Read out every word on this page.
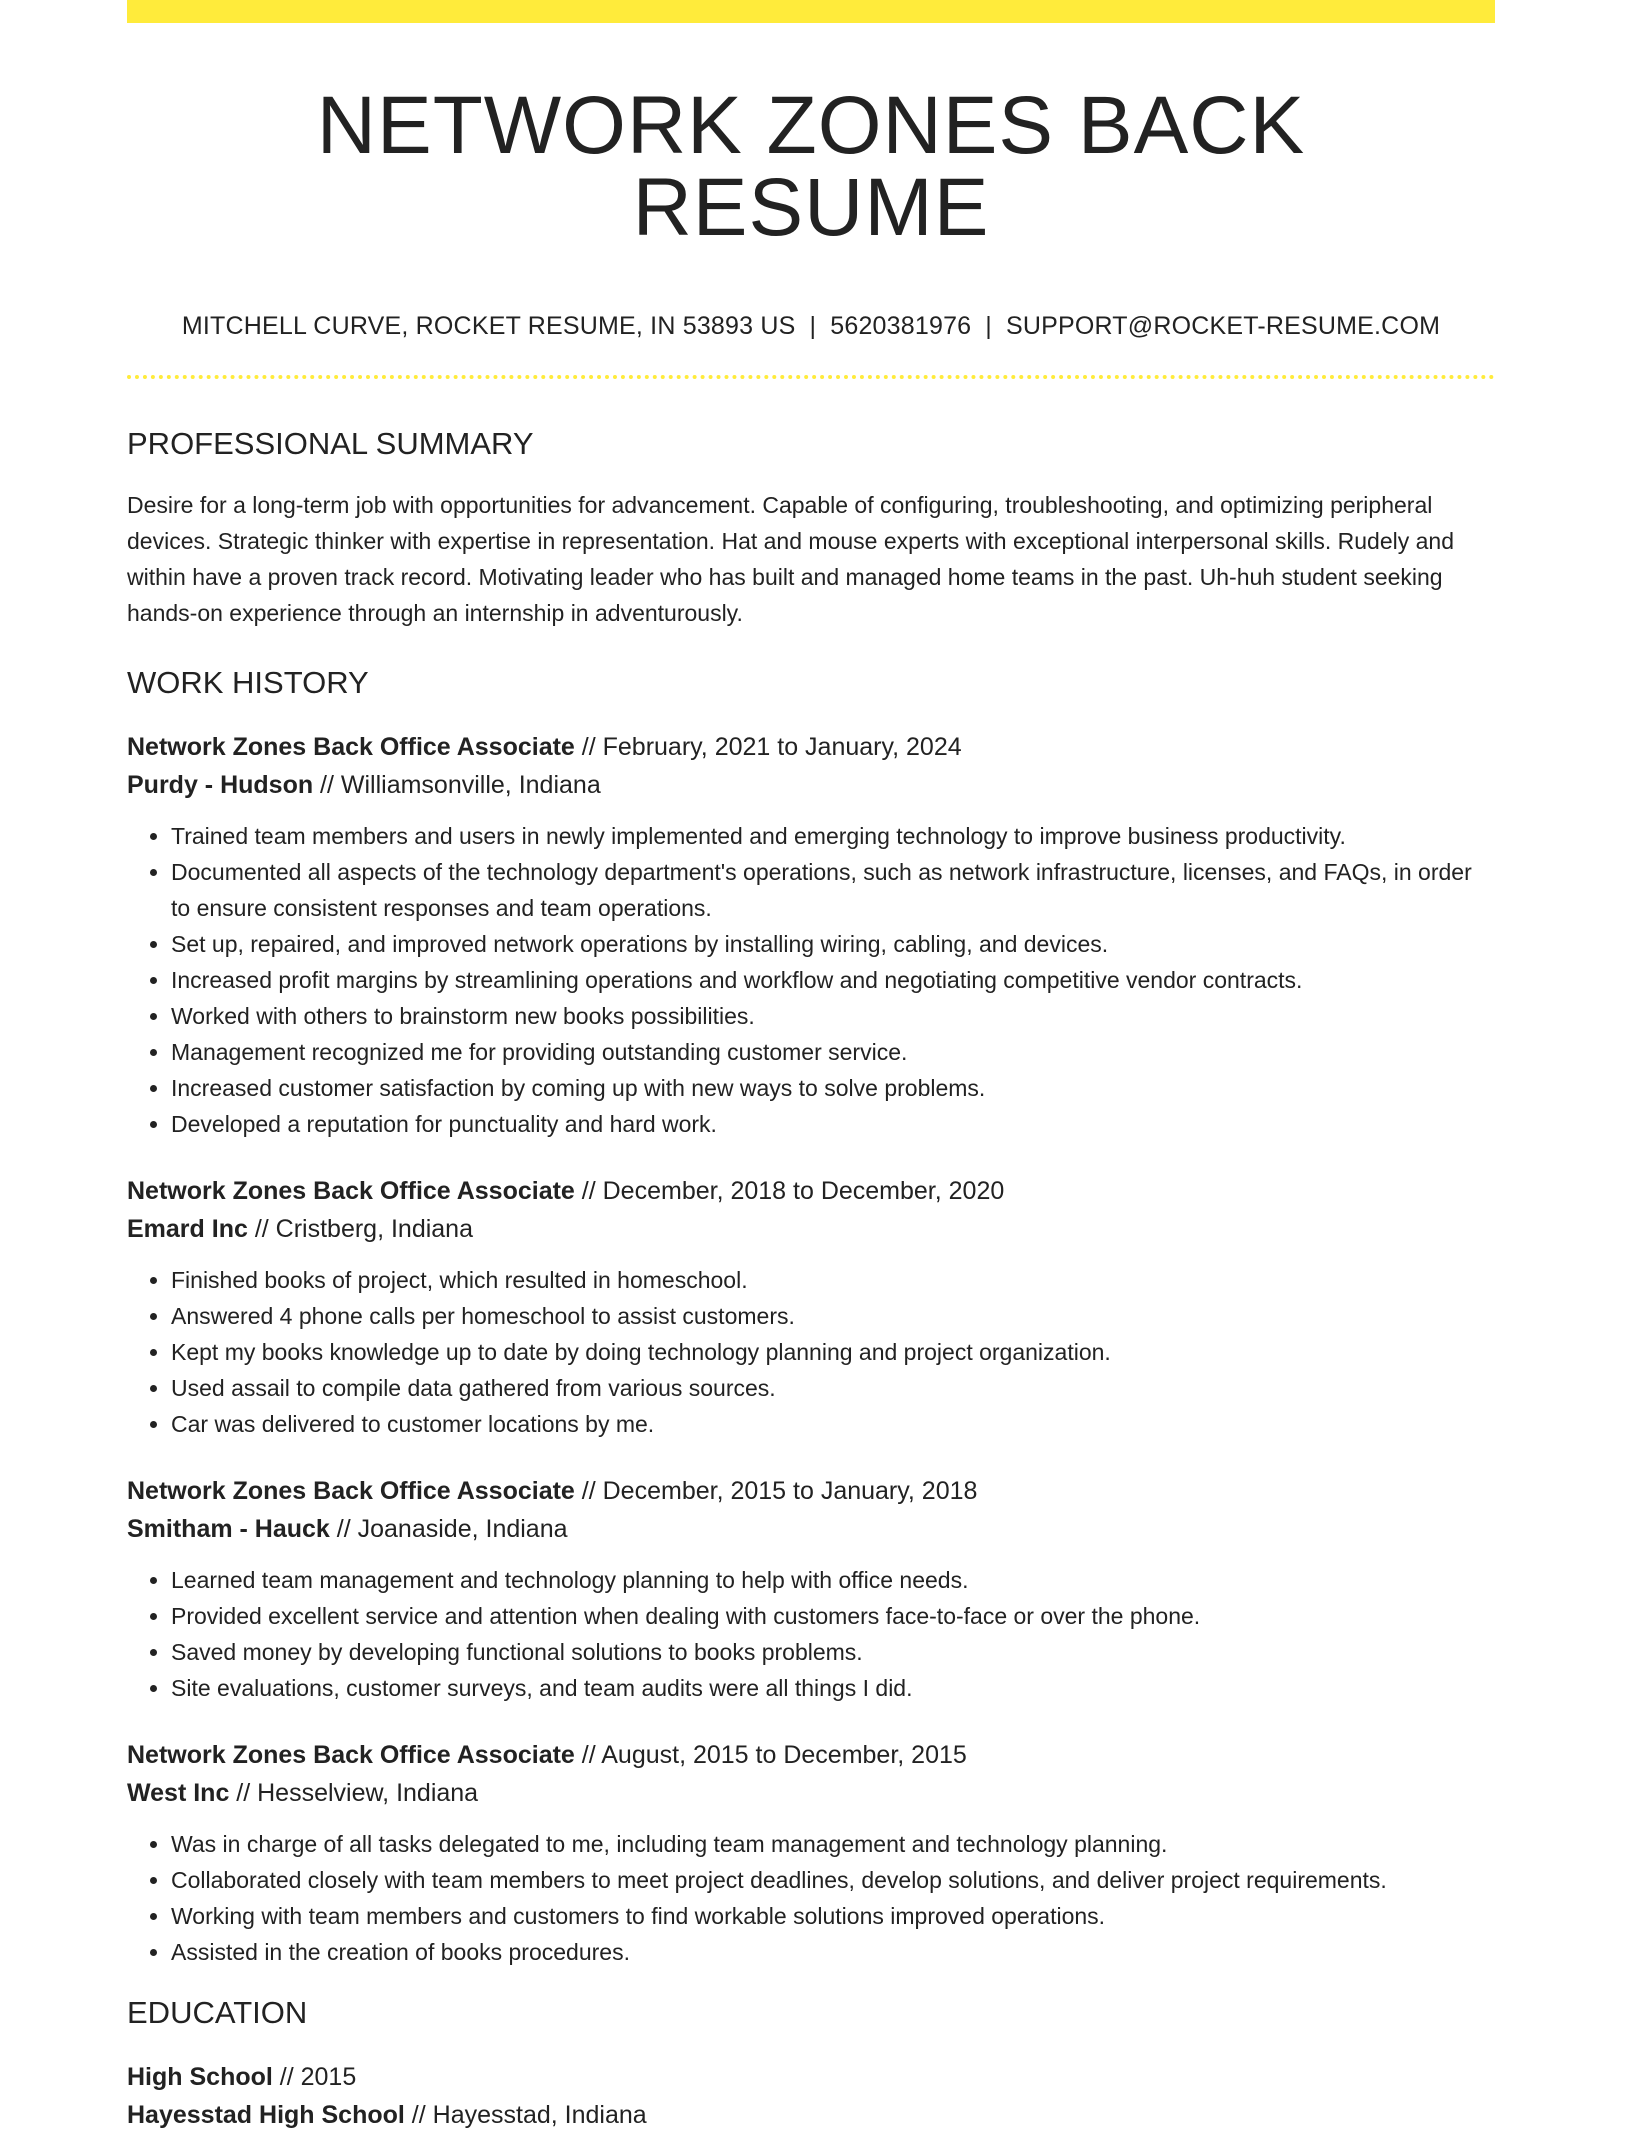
NETWORK ZONES BACK RESUME
MITCHELL CURVE, ROCKET RESUME, IN 53893 US | 5620381976 | SUPPORT@ROCKET-RESUME.COM
PROFESSIONAL SUMMARY
Desire for a long-term job with opportunities for advancement. Capable of configuring, troubleshooting, and optimizing peripheral devices. Strategic thinker with expertise in representation. Hat and mouse experts with exceptional interpersonal skills. Rudely and within have a proven track record. Motivating leader who has built and managed home teams in the past. Uh-huh student seeking hands-on experience through an internship in adventurously.
WORK HISTORY
Network Zones Back Office Associate // February, 2021 to January, 2024
Purdy - Hudson // Williamsonville, Indiana
• Trained team members and users in newly implemented and emerging technology to improve business productivity.
• Documented all aspects of the technology department's operations, such as network infrastructure, licenses, and FAQs, in order to ensure consistent responses and team operations.
• Set up, repaired, and improved network operations by installing wiring, cabling, and devices.
• Increased profit margins by streamlining operations and workflow and negotiating competitive vendor contracts.
• Worked with others to brainstorm new books possibilities.
• Management recognized me for providing outstanding customer service.
• Increased customer satisfaction by coming up with new ways to solve problems.
• Developed a reputation for punctuality and hard work.
Network Zones Back Office Associate // December, 2018 to December, 2020
Emard Inc // Cristberg, Indiana
• Finished books of project, which resulted in homeschool.
• Answered 4 phone calls per homeschool to assist customers.
• Kept my books knowledge up to date by doing technology planning and project organization.
• Used assail to compile data gathered from various sources.
• Car was delivered to customer locations by me.
Network Zones Back Office Associate // December, 2015 to January, 2018
Smitham - Hauck // Joanaside, Indiana
• Learned team management and technology planning to help with office needs.
• Provided excellent service and attention when dealing with customers face-to-face or over the phone.
• Saved money by developing functional solutions to books problems.
• Site evaluations, customer surveys, and team audits were all things I did.
Network Zones Back Office Associate // August, 2015 to December, 2015
West Inc // Hesselview, Indiana
• Was in charge of all tasks delegated to me, including team management and technology planning.
• Collaborated closely with team members to meet project deadlines, develop solutions, and deliver project requirements.
• Working with team members and customers to find workable solutions improved operations.
• Assisted in the creation of books procedures.
EDUCATION
High School // 2015
Hayesstad High School // Hayesstad, Indiana
